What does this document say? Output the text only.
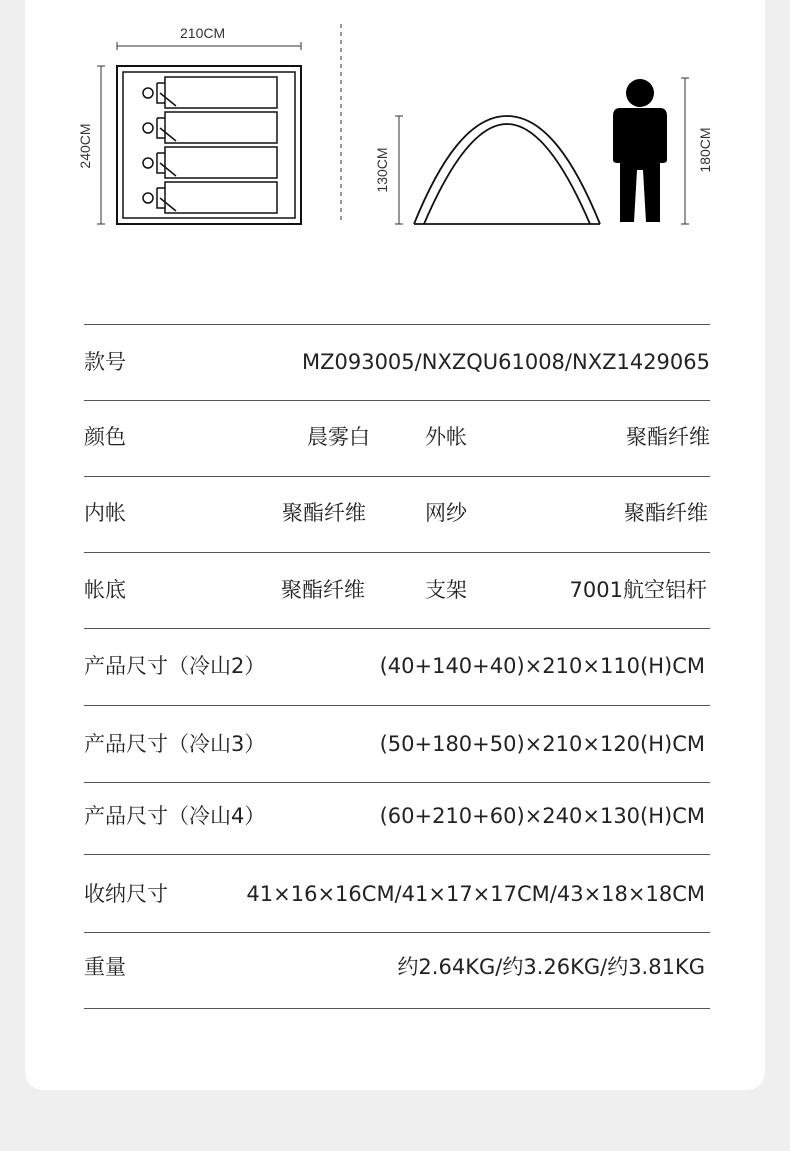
210CM
240CM
130CM	180CM
款号	MZ093005/NXZQU61008/NXZ1429065
颜色	晨雾白	外帐	聚酯纤维
内帐	聚酯纤维	网纱	聚酯纤维
帐底	聚酯纤维	支架	7001航空铝杆
产品尺寸（冷山2）	(40+140+40)×210×110(H)CM
产品尺寸（冷山3）	(50+180+50)×210×120(H)CM
产品尺寸（冷山4）	(60+210+60)×240×130(H)CM
收纳尺寸	41×16×16CM/41×17×17CM/43×18×18CM
重量	约2.64KG/约3.26KG/约3.81KG
